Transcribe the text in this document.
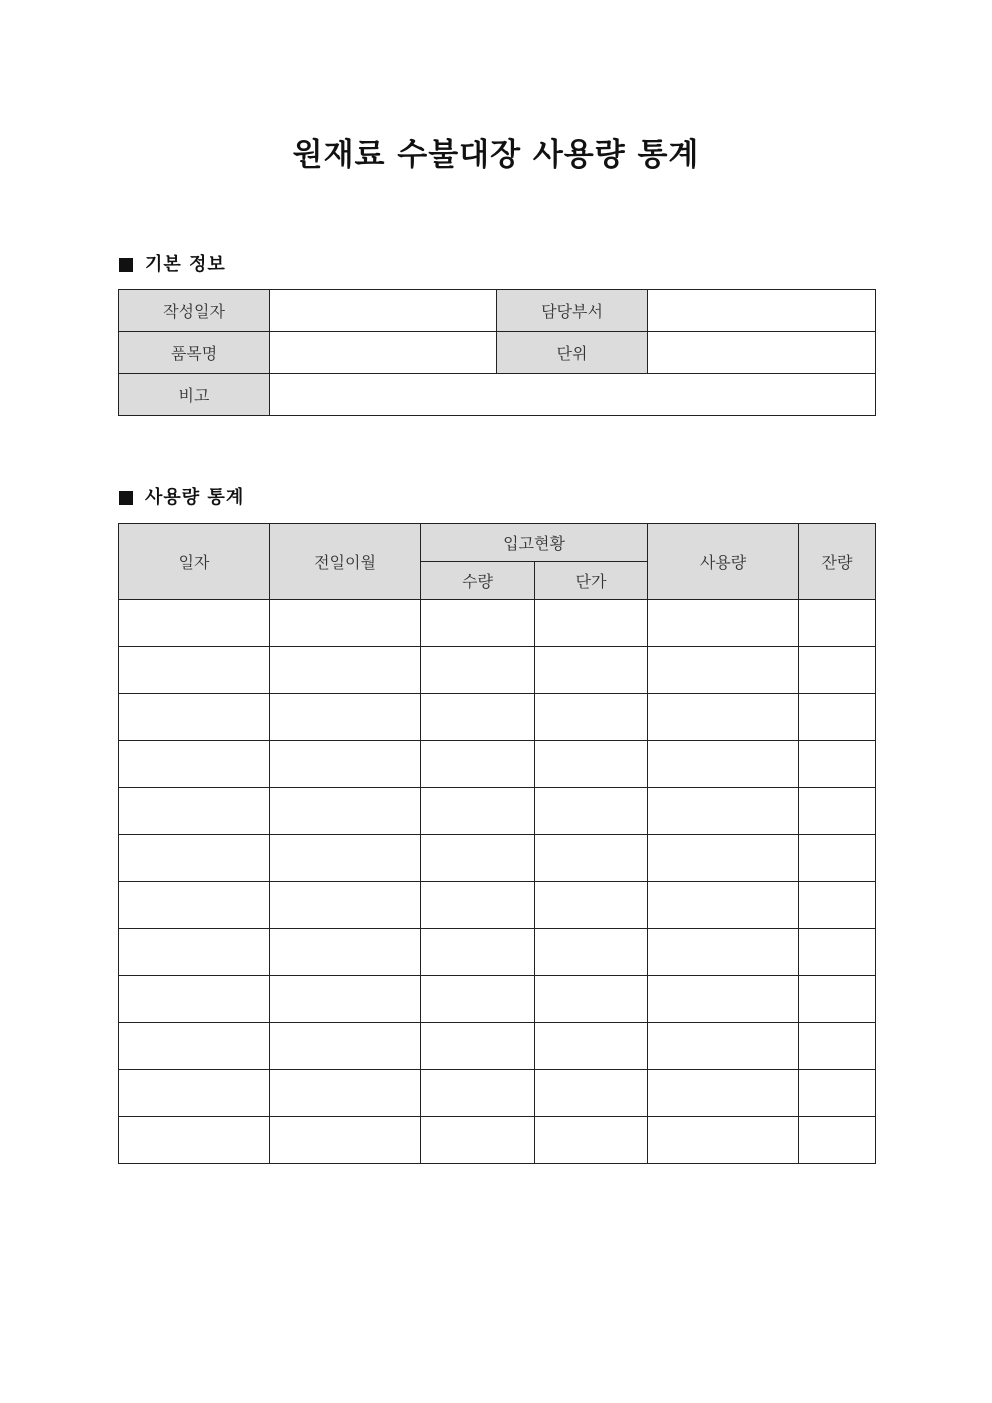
원재료 수불대장 사용량 통계
기본 정보
작성일자		담당부서	
품목명		단위	
비고			
사용량 통계
일자	전일이월	입고현황		사용량	잔량
		수량	단가		
